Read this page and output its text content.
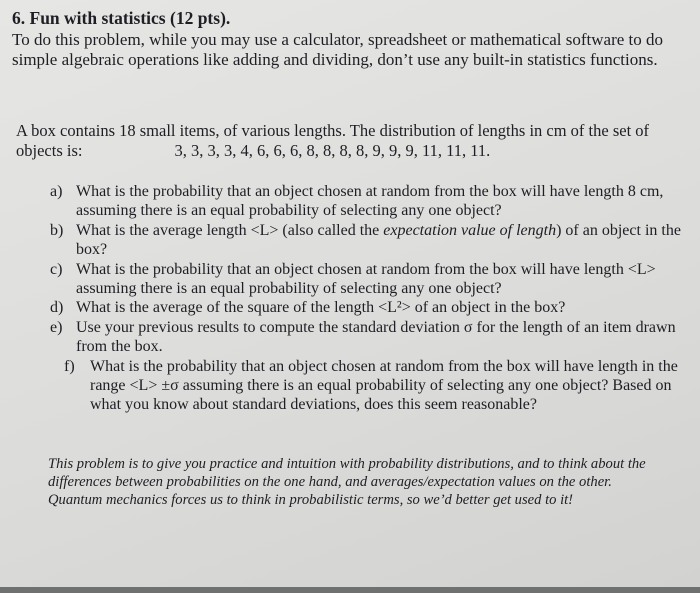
6. Fun with statistics (12 pts).

To do this problem, while you may use a calculator, spreadsheet or mathematical software to do simple algebraic operations like adding and dividing, don’t use any built-in statistics functions.

A box contains 18 small items, of various lengths. The distribution of lengths in cm of the set of objects is:	3, 3, 3, 3, 4, 6, 6, 6, 8, 8, 8, 8, 9, 9, 9, 11, 11, 11.

a) What is the probability that an object chosen at random from the box will have length 8 cm, assuming there is an equal probability of selecting any one object?
b) What is the average length <L> (also called the expectation value of length) of an object in the box?
c) What is the probability that an object chosen at random from the box will have length <L> assuming there is an equal probability of selecting any one object?
d) What is the average of the square of the length <L²> of an object in the box?
e) Use your previous results to compute the standard deviation σ for the length of an item drawn from the box.
f) What is the probability that an object chosen at random from the box will have length in the range <L> ±σ assuming there is an equal probability of selecting any one object? Based on what you know about standard deviations, does this seem reasonable?

This problem is to give you practice and intuition with probability distributions, and to think about the differences between probabilities on the one hand, and averages/expectation values on the other. Quantum mechanics forces us to think in probabilistic terms, so we’d better get used to it!
